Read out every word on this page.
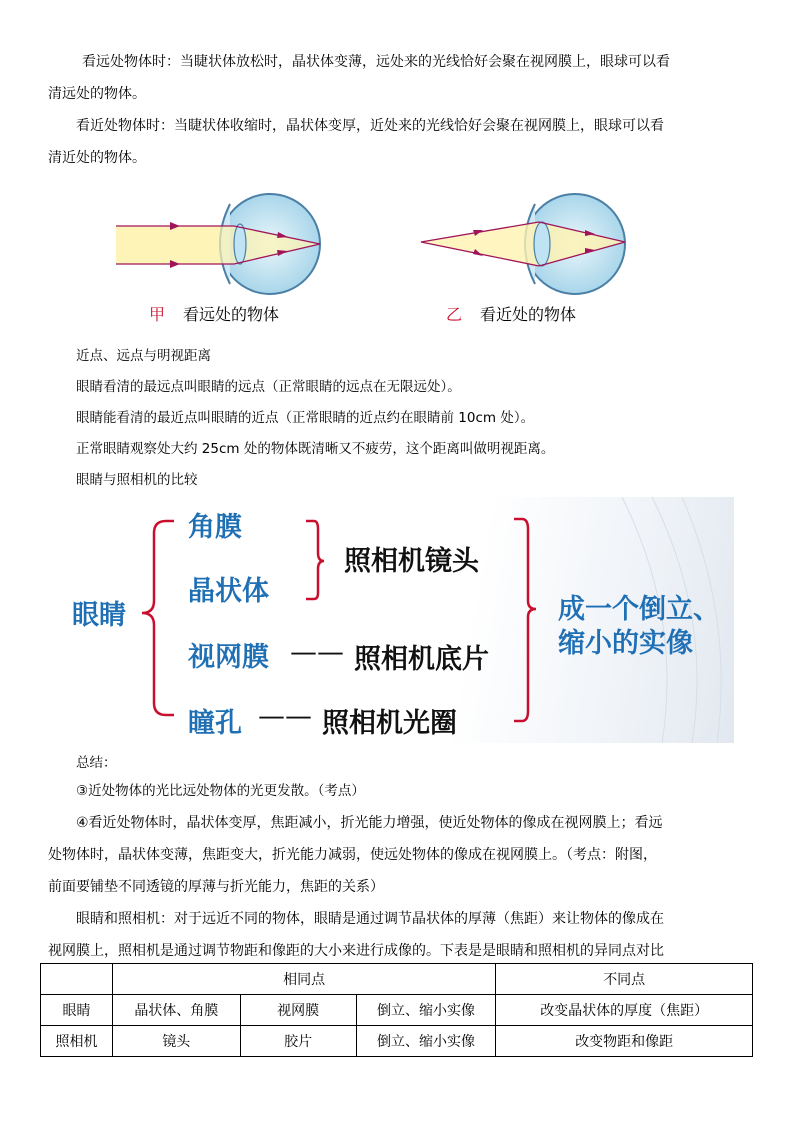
看远处物体时：当睫状体放松时，晶状体变薄，远处来的光线恰好会聚在视网膜上，眼球可以看

清远处的物体。

看近处物体时：当睫状体收缩时，晶状体变厚，近处来的光线恰好会聚在视网膜上，眼球可以看

清近处的物体。

甲 看远处的物体	乙 看近处的物体

近点、远点与明视距离

眼睛看清的最远点叫眼睛的远点（正常眼睛的远点在无限远处）。

眼睛能看清的最近点叫眼睛的近点（正常眼睛的近点约在眼睛前 10cm 处）。

正常眼睛观察处大约 25cm 处的物体既清晰又不疲劳，这个距离叫做明视距离。

眼睛与照相机的比较

眼睛
角膜
晶状体
照相机镜头
视网膜 —— 照相机底片
瞳孔 —— 照相机光圈
成一个倒立、
缩小的实像

总结：

③近处物体的光比远处物体的光更发散。（考点）

④看近处物体时，晶状体变厚，焦距减小，折光能力增强，使近处物体的像成在视网膜上；看远

处物体时，晶状体变薄，焦距变大，折光能力减弱，使远处物体的像成在视网膜上。（考点：附图，

前面要铺垫不同透镜的厚薄与折光能力，焦距的关系）

眼睛和照相机：对于远近不同的物体，眼睛是通过调节晶状体的厚薄（焦距）来让物体的像成在

视网膜上，照相机是通过调节物距和像距的大小来进行成像的。下表是是眼睛和照相机的异同点对比

	相同点			不同点
眼睛	晶状体、角膜	视网膜	倒立、缩小实像	改变晶状体的厚度（焦距）
照相机	镜头	胶片	倒立、缩小实像	改变物距和像距
